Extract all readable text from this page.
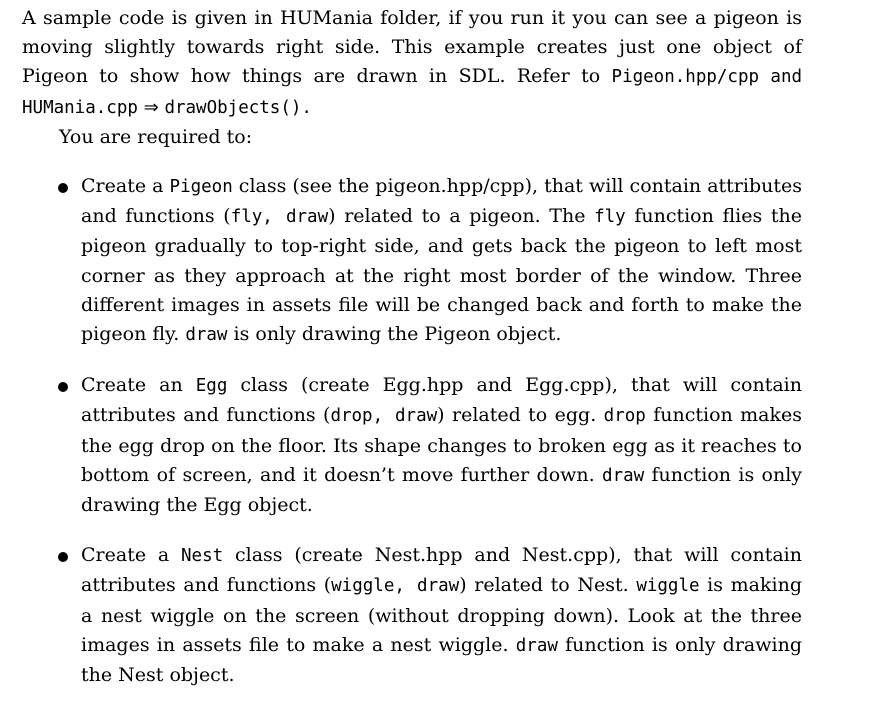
A sample code is given in HUMania folder, if you run it you can see a pigeon is moving slightly towards right side. This example creates just one object of Pigeon to show how things are drawn in SDL. Refer to Pigeon.hpp/cpp and HUMania.cpp ⇒ drawObjects().

You are required to:

Create a Pigeon class (see the pigeon.hpp/cpp), that will contain attributes and functions (fly, draw) related to a pigeon. The fly function flies the pigeon gradually to top-right side, and gets back the pigeon to left most corner as they approach at the right most border of the window. Three different images in assets file will be changed back and forth to make the pigeon fly. draw is only drawing the Pigeon object.
Create an Egg class (create Egg.hpp and Egg.cpp), that will contain attributes and functions (drop, draw) related to egg. drop function makes the egg drop on the floor. Its shape changes to broken egg as it reaches to bottom of screen, and it doesn’t move further down. draw function is only drawing the Egg object.
Create a Nest class (create Nest.hpp and Nest.cpp), that will contain attributes and functions (wiggle, draw) related to Nest. wiggle is making a nest wiggle on the screen (without dropping down). Look at the three images in assets file to make a nest wiggle. draw function is only drawing the Nest object.
